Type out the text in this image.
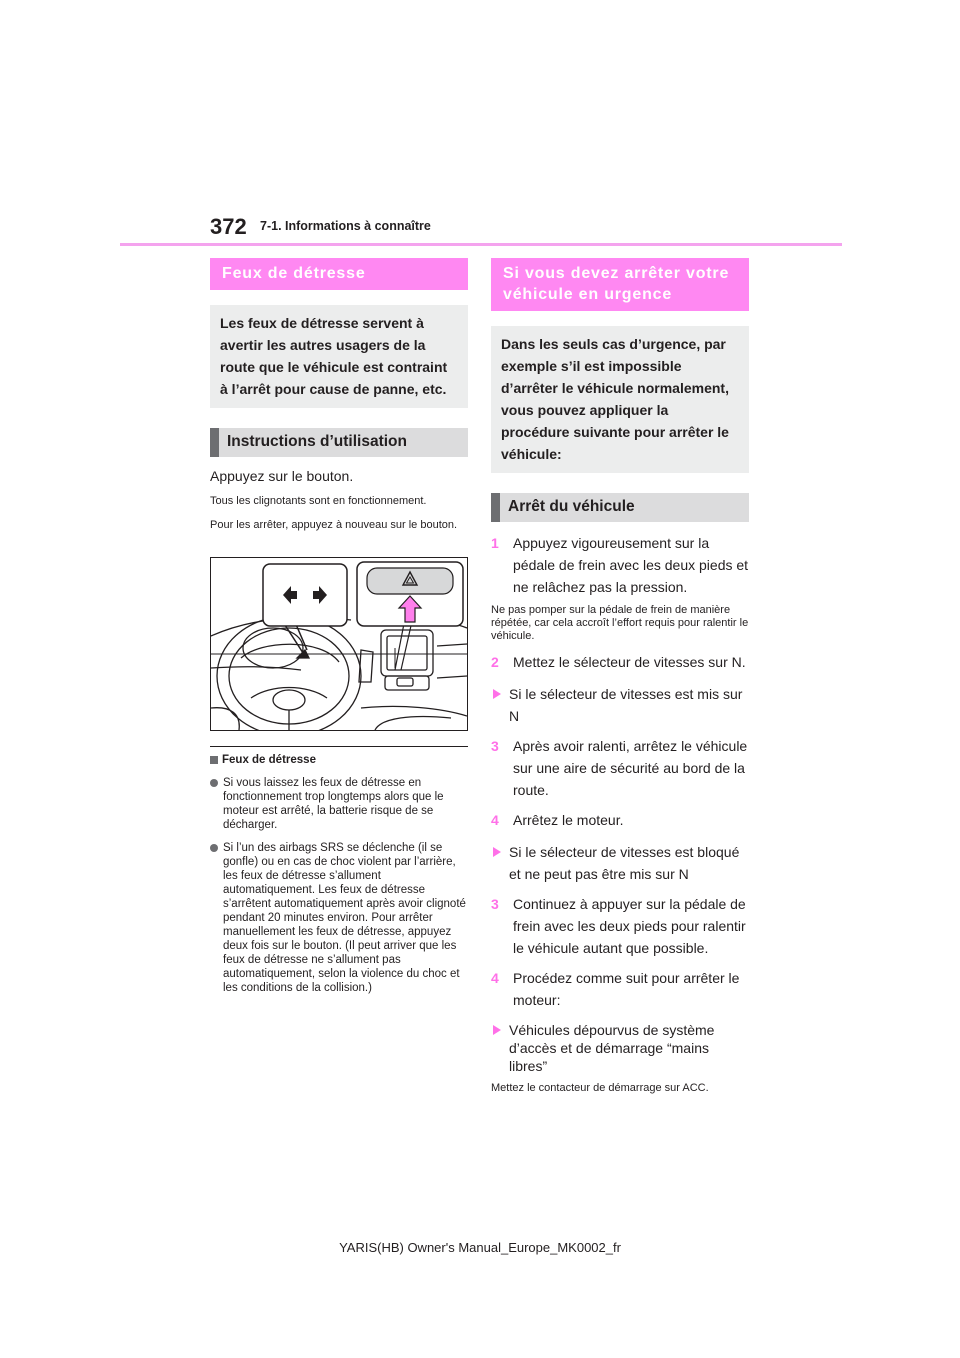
372 7-1. Informations à connaître
Feux de détresse
Les feux de détresse servent à avertir les autres usagers de la route que le véhicule est contraint à l’arrêt pour cause de panne, etc.
Instructions d’utilisation
Appuyez sur le bouton.
Tous les clignotants sont en fonctionnement.
Pour les arrêter, appuyez à nouveau sur le bouton.
Feux de détresse
Si vous laissez les feux de détresse en fonctionnement trop longtemps alors que le moteur est arrêté, la batterie risque de se décharger.
Si l’un des airbags SRS se déclenche (il se gonfle) ou en cas de choc violent par l’arrière, les feux de détresse s’allument automatiquement. Les feux de détresse s’arrêtent automatiquement après avoir clignoté pendant 20 minutes environ. Pour arrêter manuellement les feux de détresse, appuyez deux fois sur le bouton. (Il peut arriver que les feux de détresse ne s’allument pas automatiquement, selon la violence du choc et les conditions de la collision.)
Si vous devez arrêter votre véhicule en urgence
Dans les seuls cas d’urgence, par exemple s’il est impossible d’arrêter le véhicule normalement, vous pouvez appliquer la procédure suivante pour arrêter le véhicule:
Arrêt du véhicule
1 Appuyez vigoureusement sur la pédale de frein avec les deux pieds et ne relâchez pas la pression.
Ne pas pomper sur la pédale de frein de manière répétée, car cela accroît l’effort requis pour ralentir le véhicule.
2 Mettez le sélecteur de vitesses sur N.
Si le sélecteur de vitesses est mis sur N
3 Après avoir ralenti, arrêtez le véhicule sur une aire de sécurité au bord de la route.
4 Arrêtez le moteur.
Si le sélecteur de vitesses est bloqué et ne peut pas être mis sur N
3 Continuez à appuyer sur la pédale de frein avec les deux pieds pour ralentir le véhicule autant que possible.
4 Procédez comme suit pour arrêter le moteur:
Véhicules dépourvus de système d’accès et de démarrage “mains libres”
Mettez le contacteur de démarrage sur ACC.
YARIS(HB) Owner's Manual_Europe_MK0002_fr
